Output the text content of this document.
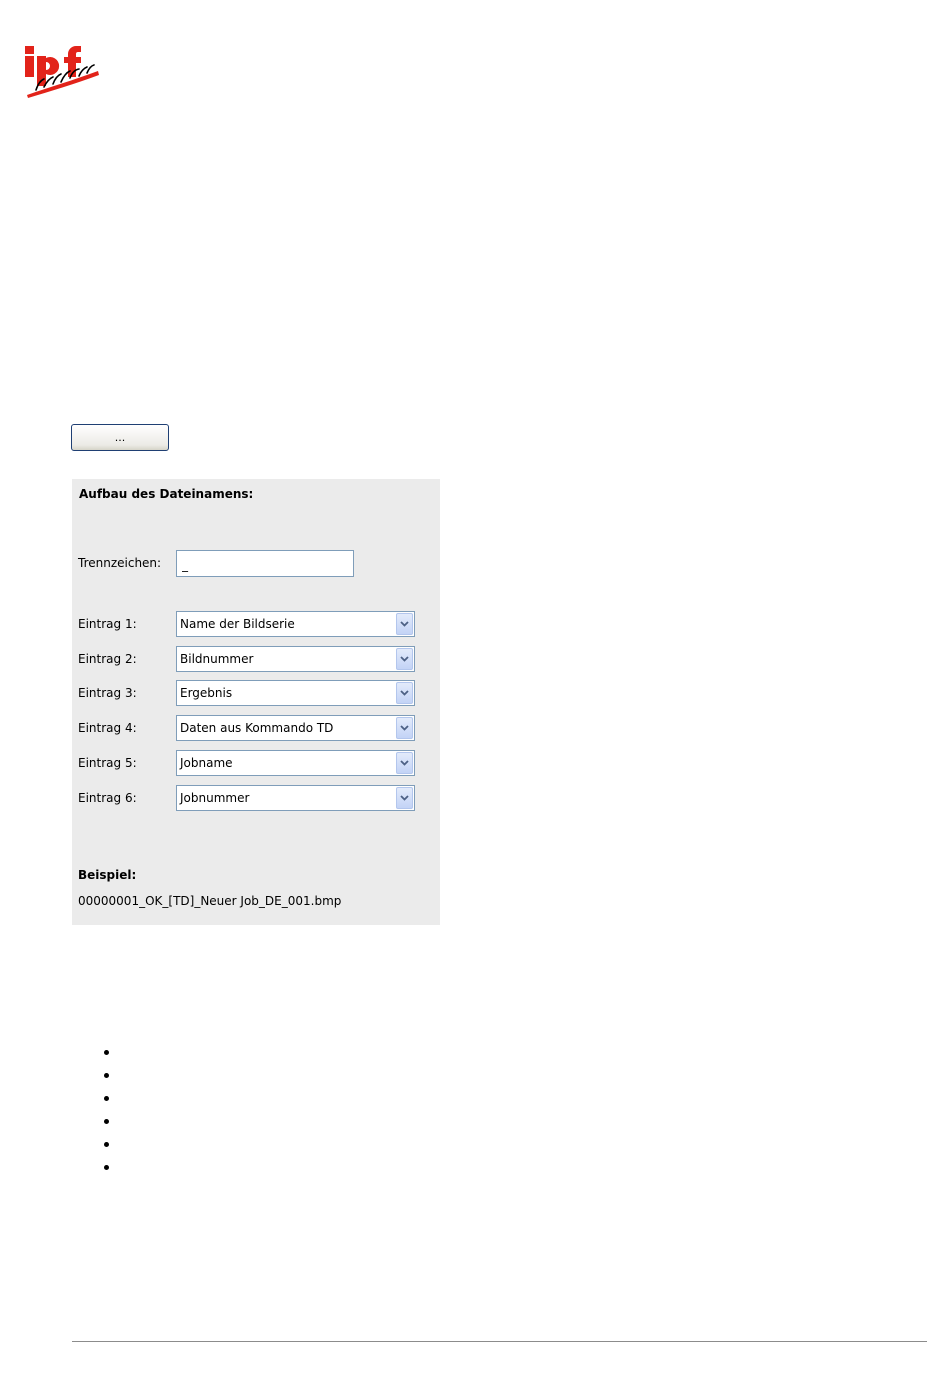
...
Aufbau des Dateinamens:
Trennzeichen:
_
Eintrag 1:	Name der Bildserie
Eintrag 2:	Bildnummer
Eintrag 3:	Ergebnis
Eintrag 4:	Daten aus Kommando TD
Eintrag 5:	Jobname
Eintrag 6:	Jobnummer
Beispiel:
00000001_OK_[TD]_Neuer Job_DE_001.bmp
